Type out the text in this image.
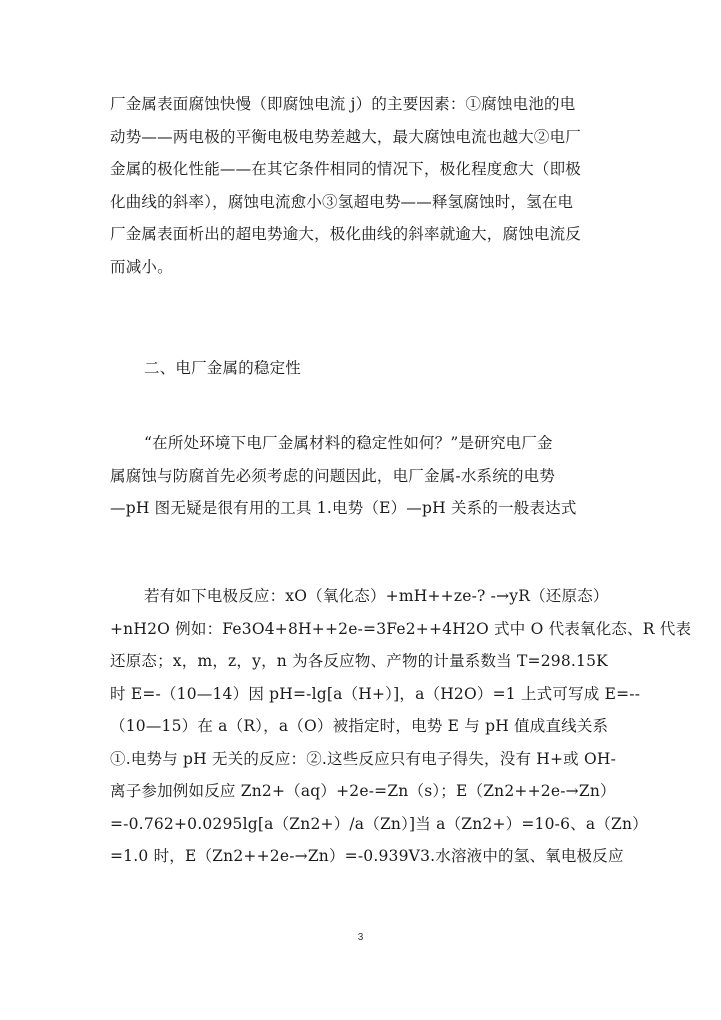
厂金属表面腐蚀快慢（即腐蚀电流 j）的主要因素：①腐蚀电池的电
动势——两电极的平衡电极电势差越大，最大腐蚀电流也越大②电厂
金属的极化性能——在其它条件相同的情况下，极化程度愈大（即极
化曲线的斜率），腐蚀电流愈小③氢超电势——释氢腐蚀时，氢在电
厂金属表面析出的超电势逾大，极化曲线的斜率就逾大，腐蚀电流反
而减小。
二、电厂金属的稳定性
“在所处环境下电厂金属材料的稳定性如何？”是研究电厂金
属腐蚀与防腐首先必须考虑的问题因此，电厂金属-水系统的电势
—pH 图无疑是很有用的工具 1.电势（E）—pH 关系的一般表达式
若有如下电极反应：xO（氧化态）+mH++ze-? -→yR（还原态）
+nH2O 例如：Fe3O4+8H++2e-=3Fe2++4H2O 式中 O 代表氧化态、R 代表
还原态；x，m，z，y，n 为各反应物、产物的计量系数当 T=298.15K
时 E=-（10—14）因 pH=-lg[a（H+）]，a（H2O）=1 上式可写成 E=--
（10—15）在 a（R），a（O）被指定时，电势 E 与 pH 值成直线关系
①.电势与 pH 无关的反应：②.这些反应只有电子得失，没有 H+或 OH-
离子参加例如反应 Zn2+（aq）+2e-=Zn（s）；E（Zn2++2e-→Zn）
=-0.762+0.0295lg[a（Zn2+）/a（Zn）]当 a（Zn2+）=10-6、a（Zn）
=1.0 时，E（Zn2++2e-→Zn）=-0.939V3.水溶液中的氢、氧电极反应
3
